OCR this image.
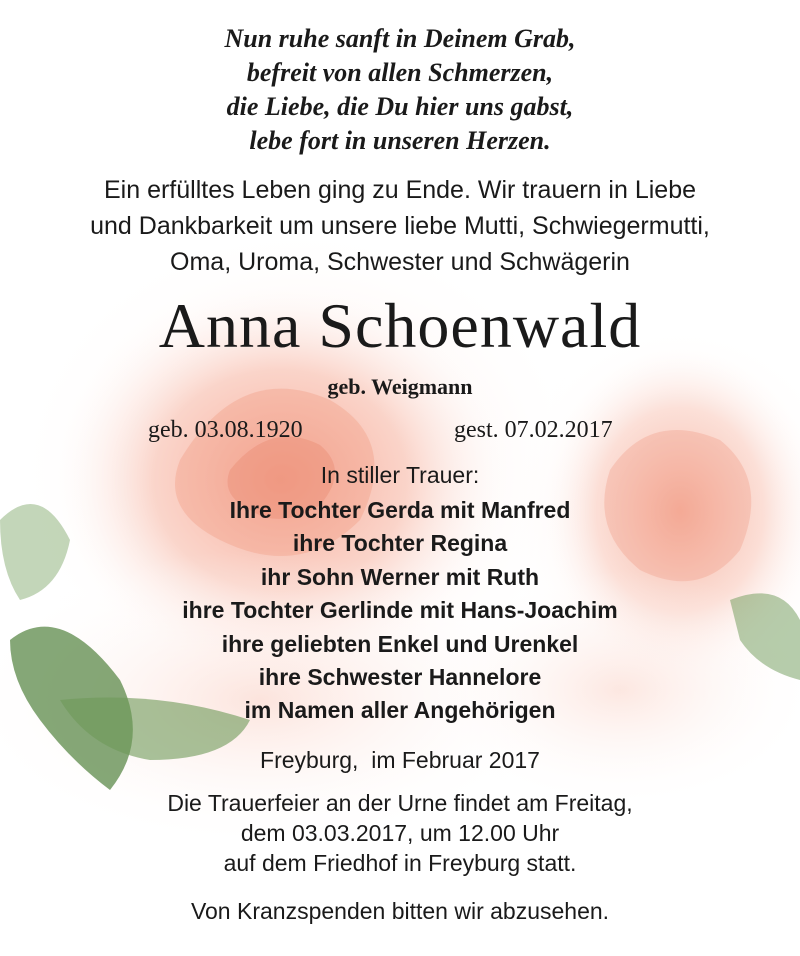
Nun ruhe sanft in Deinem Grab,
befreit von allen Schmerzen,
die Liebe, die Du hier uns gabst,
lebe fort in unseren Herzen.
Ein erfülltes Leben ging zu Ende. Wir trauern in Liebe
und Dankbarkeit um unsere liebe Mutti, Schwiegermutti,
Oma, Uroma, Schwester und Schwägerin
Anna Schoenwald
geb. Weigmann
geb. 03.08.1920	gest. 07.02.2017
In stiller Trauer:
Ihre Tochter Gerda mit Manfred
ihre Tochter Regina
ihr Sohn Werner mit Ruth
ihre Tochter Gerlinde mit Hans-Joachim
ihre geliebten Enkel und Urenkel
ihre Schwester Hannelore
im Namen aller Angehörigen
Freyburg,  im Februar 2017
Die Trauerfeier an der Urne findet am Freitag,
dem 03.03.2017, um 12.00 Uhr
auf dem Friedhof in Freyburg statt.
Von Kranzspenden bitten wir abzusehen.
